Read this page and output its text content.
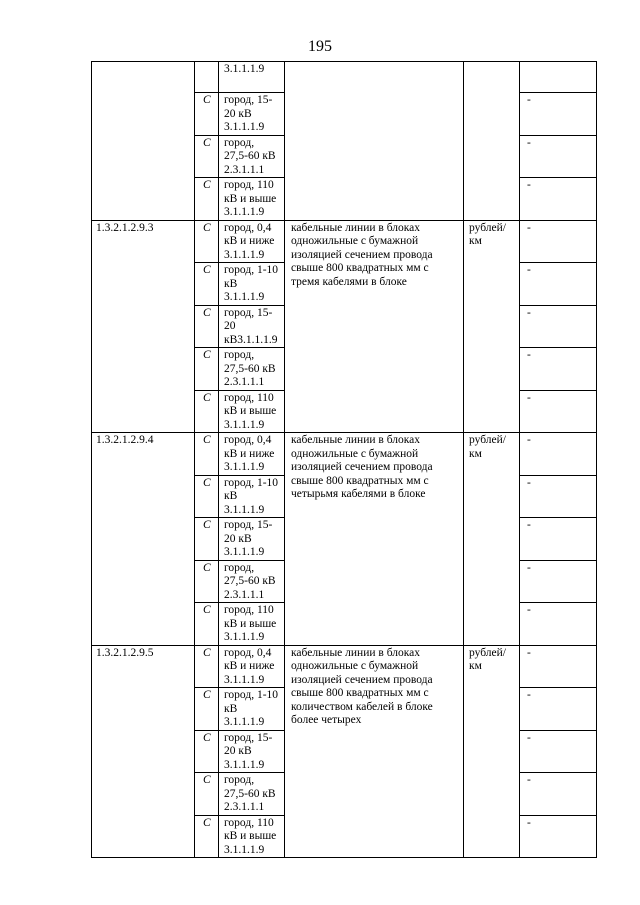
195
		3.1.1.1.9			
	C	город, 15-20 кВ 3.1.1.1.9			-
	C	город, 27,5-60 кВ 2.3.1.1.1			-
	C	город, 110 кВ и выше 3.1.1.1.9			-
1.3.2.1.2.9.3	C	город, 0,4 кВ и ниже 3.1.1.1.9	кабельные линии в блоках одножильные с бумажной изоляцией сечением провода свыше 800 квадратных мм с тремя кабелями в блоке	рублей/км	-
	C	город, 1-10 кВ 3.1.1.1.9			-
	C	город, 15-20 кВ3.1.1.1.9			-
	C	город, 27,5-60 кВ 2.3.1.1.1			-
	C	город, 110 кВ и выше 3.1.1.1.9			-
1.3.2.1.2.9.4	C	город, 0,4 кВ и ниже 3.1.1.1.9	кабельные линии в блоках одножильные с бумажной изоляцией сечением провода свыше 800 квадратных мм с четырьмя кабелями в блоке	рублей/км	-
	C	город, 1-10 кВ 3.1.1.1.9			-
	C	город, 15-20 кВ 3.1.1.1.9			-
	C	город, 27,5-60 кВ 2.3.1.1.1			-
	C	город, 110 кВ и выше 3.1.1.1.9			-
1.3.2.1.2.9.5	C	город, 0,4 кВ и ниже 3.1.1.1.9	кабельные линии в блоках одножильные с бумажной изоляцией сечением провода свыше 800 квадратных мм с количеством кабелей в блоке более четырех	рублей/км	-
	C	город, 1-10 кВ 3.1.1.1.9			-
	C	город, 15-20 кВ 3.1.1.1.9			-
	C	город, 27,5-60 кВ 2.3.1.1.1			-
	C	город, 110 кВ и выше 3.1.1.1.9			-
